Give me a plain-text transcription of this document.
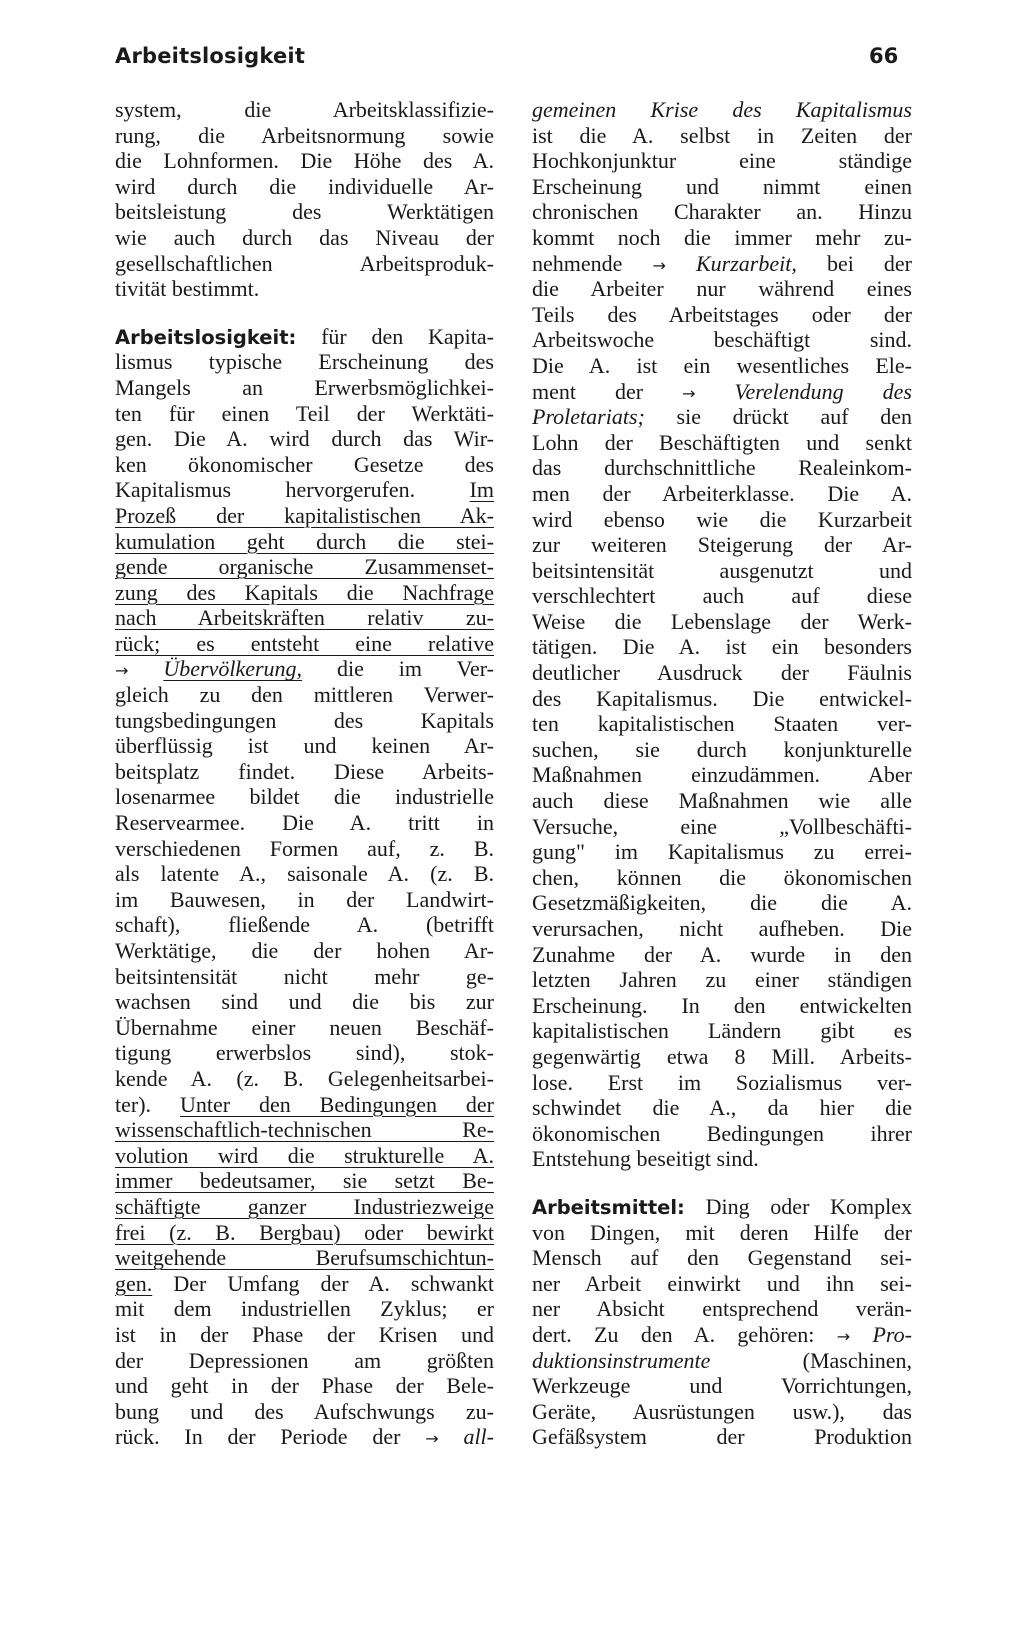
Arbeitslosigkeit	66
system, die Arbeitsklassifizie-
rung, die Arbeitsnormung sowie
die Lohnformen. Die Höhe des A.
wird durch die individuelle Ar-
beitsleistung des Werktätigen
wie auch durch das Niveau der
gesellschaftlichen Arbeitsproduk-
tivität bestimmt.
Arbeitslosigkeit: für den Kapita-
lismus typische Erscheinung des
Mangels an Erwerbsmöglichkei-
ten für einen Teil der Werktäti-
gen. Die A. wird durch das Wir-
ken ökonomischer Gesetze des
Kapitalismus hervorgerufen. Im
Prozeß der kapitalistischen Ak-
kumulation geht durch die stei-
gende organische Zusammenset-
zung des Kapitals die Nachfrage
nach Arbeitskräften relativ zu-
rück; es entsteht eine relative
→ Übervölkerung, die im Ver-
gleich zu den mittleren Verwer-
tungsbedingungen des Kapitals
überflüssig ist und keinen Ar-
beitsplatz findet. Diese Arbeits-
losenarmee bildet die industrielle
Reservearmee. Die A. tritt in
verschiedenen Formen auf, z. B.
als latente A., saisonale A. (z. B.
im Bauwesen, in der Landwirt-
schaft), fließende A. (betrifft
Werktätige, die der hohen Ar-
beitsintensität nicht mehr ge-
wachsen sind und die bis zur
Übernahme einer neuen Beschäf-
tigung erwerbslos sind), stok-
kende A. (z. B. Gelegenheitsarbei-
ter). Unter den Bedingungen der
wissenschaftlich-technischen Re-
volution wird die strukturelle A.
immer bedeutsamer, sie setzt Be-
schäftigte ganzer Industriezweige
frei (z. B. Bergbau) oder bewirkt
weitgehende Berufsumschichtun-
gen. Der Umfang der A. schwankt
mit dem industriellen Zyklus; er
ist in der Phase der Krisen und
der Depressionen am größten
und geht in der Phase der Bele-
bung und des Aufschwungs zu-
rück. In der Periode der → all-
gemeinen Krise des Kapitalismus
ist die A. selbst in Zeiten der
Hochkonjunktur eine ständige
Erscheinung und nimmt einen
chronischen Charakter an. Hinzu
kommt noch die immer mehr zu-
nehmende → Kurzarbeit, bei der
die Arbeiter nur während eines
Teils des Arbeitstages oder der
Arbeitswoche beschäftigt sind.
Die A. ist ein wesentliches Ele-
ment der → Verelendung des
Proletariats; sie drückt auf den
Lohn der Beschäftigten und senkt
das durchschnittliche Realeinkom-
men der Arbeiterklasse. Die A.
wird ebenso wie die Kurzarbeit
zur weiteren Steigerung der Ar-
beitsintensität ausgenutzt und
verschlechtert auch auf diese
Weise die Lebenslage der Werk-
tätigen. Die A. ist ein besonders
deutlicher Ausdruck der Fäulnis
des Kapitalismus. Die entwickel-
ten kapitalistischen Staaten ver-
suchen, sie durch konjunkturelle
Maßnahmen einzudämmen. Aber
auch diese Maßnahmen wie alle
Versuche, eine „Vollbeschäfti-
gung" im Kapitalismus zu errei-
chen, können die ökonomischen
Gesetzmäßigkeiten, die die A.
verursachen, nicht aufheben. Die
Zunahme der A. wurde in den
letzten Jahren zu einer ständigen
Erscheinung. In den entwickelten
kapitalistischen Ländern gibt es
gegenwärtig etwa 8 Mill. Arbeits-
lose. Erst im Sozialismus ver-
schwindet die A., da hier die
ökonomischen Bedingungen ihrer
Entstehung beseitigt sind.
Arbeitsmittel: Ding oder Komplex
von Dingen, mit deren Hilfe der
Mensch auf den Gegenstand sei-
ner Arbeit einwirkt und ihn sei-
ner Absicht entsprechend verän-
dert. Zu den A. gehören: → Pro-
duktionsinstrumente (Maschinen,
Werkzeuge und Vorrichtungen,
Geräte, Ausrüstungen usw.), das
Gefäßsystem der Produktion
